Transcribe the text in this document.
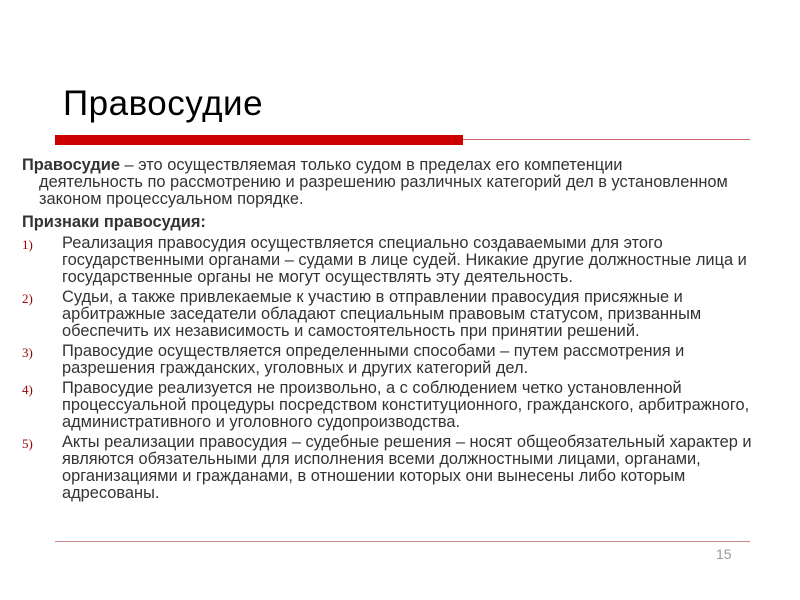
Правосудие

Правосудие – это осуществляемая только судом в пределах его компетенции
деятельность по рассмотрению и разрешению различных категорий дел в установленном законом процессуальном порядке.

Признаки правосудия:
1)	Реализация правосудия осуществляется специально создаваемыми для этого государственными органами – судами в лице судей. Никакие другие должностные лица и государственные органы не могут осуществлять эту деятельность.
2)	Судьи, а также привлекаемые к участию в отправлении правосудия присяжные и арбитражные заседатели обладают специальным правовым статусом, призванным обеспечить их независимость и самостоятельность при принятии решений.
3)	Правосудие осуществляется определенными способами – путем рассмотрения и разрешения гражданских, уголовных и других категорий дел.
4)	Правосудие реализуется не произвольно, а с соблюдением четко установленной процессуальной процедуры посредством конституционного, гражданского, арбитражного, административного и уголовного судопроизводства.
5)	Акты реализации правосудия – судебные решения – носят общеобязательный характер и являются обязательными для исполнения всеми должностными лицами, органами, организациями и гражданами, в отношении которых они вынесены либо которым адресованы.
15
